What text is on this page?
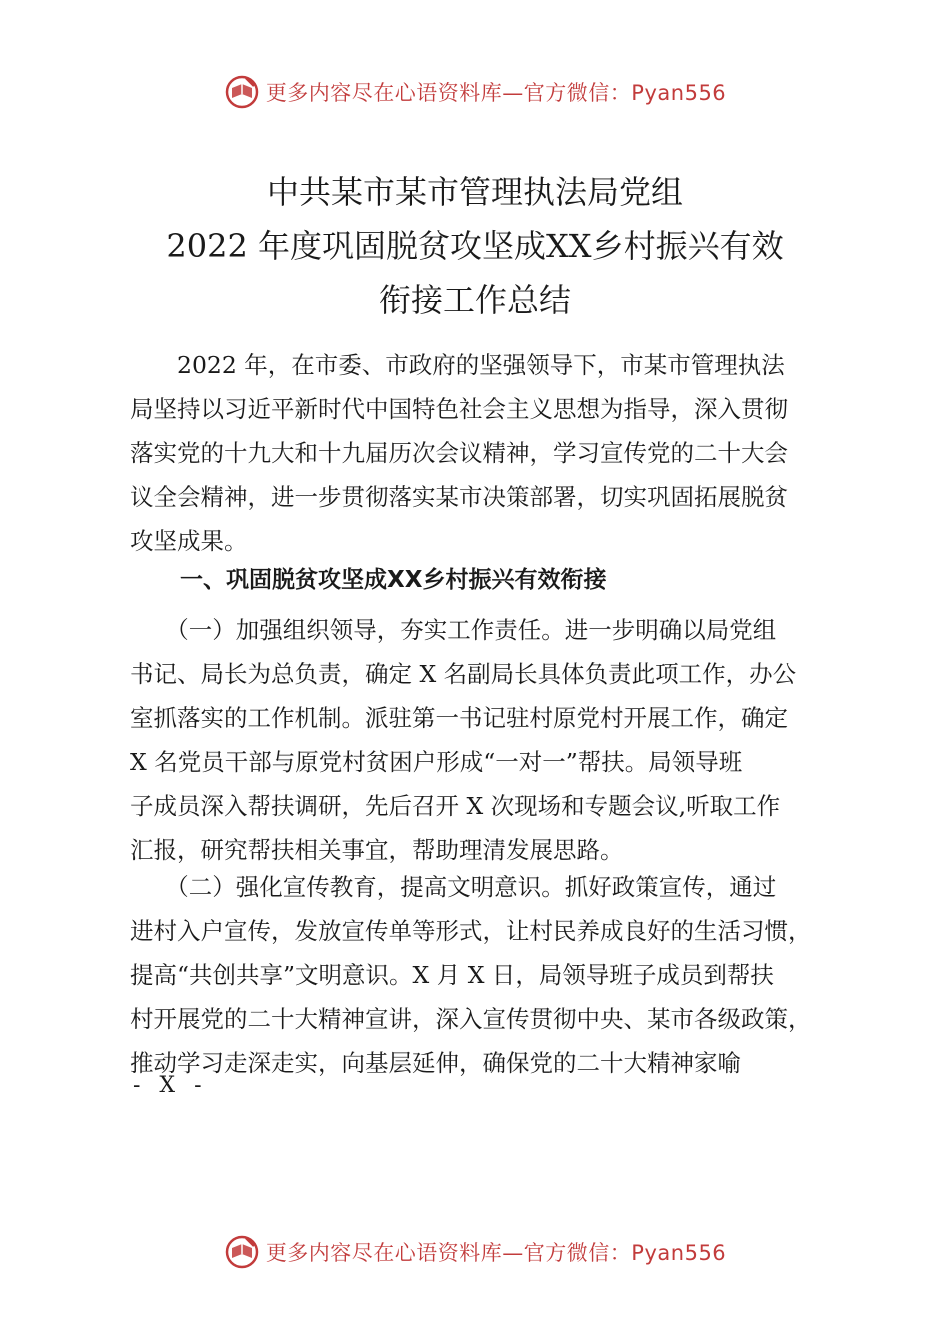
更多内容尽在心语资料库—官方微信：Pyan556
中共某市某市管理执法局党组
2022 年度巩固脱贫攻坚成XX乡村振兴有效
衔接工作总结
　　2022 年，在市委、市政府的坚强领导下，市某市管理执法
局坚持以习近平新时代中国特色社会主义思想为指导，深入贯彻
落实党的十九大和十九届历次会议精神，学习宣传党的二十大会
议全会精神，进一步贯彻落实某市决策部署，切实巩固拓展脱贫
攻坚成果。
一、巩固脱贫攻坚成XX乡村振兴有效衔接
　　（一）加强组织领导，夯实工作责任。进一步明确以局党组
书记、局长为总负责，确定 X 名副局长具体负责此项工作，办公
室抓落实的工作机制。派驻第一书记驻村原党村开展工作，确定
X 名党员干部与原党村贫困户形成“一对一”帮扶。局领导班
子成员深入帮扶调研，先后召开 X 次现场和专题会议,听取工作
汇报，研究帮扶相关事宜，帮助理清发展思路。
　　（二）强化宣传教育，提高文明意识。抓好政策宣传，通过
进村入户宣传，发放宣传单等形式，让村民养成良好的生活习惯，
提高“共创共享”文明意识。X 月 X 日，局领导班子成员到帮扶
村开展党的二十大精神宣讲，深入宣传贯彻中央、某市各级政策，
推动学习走深走实，向基层延伸，确保党的二十大精神家喻
- X -
更多内容尽在心语资料库—官方微信：Pyan556
